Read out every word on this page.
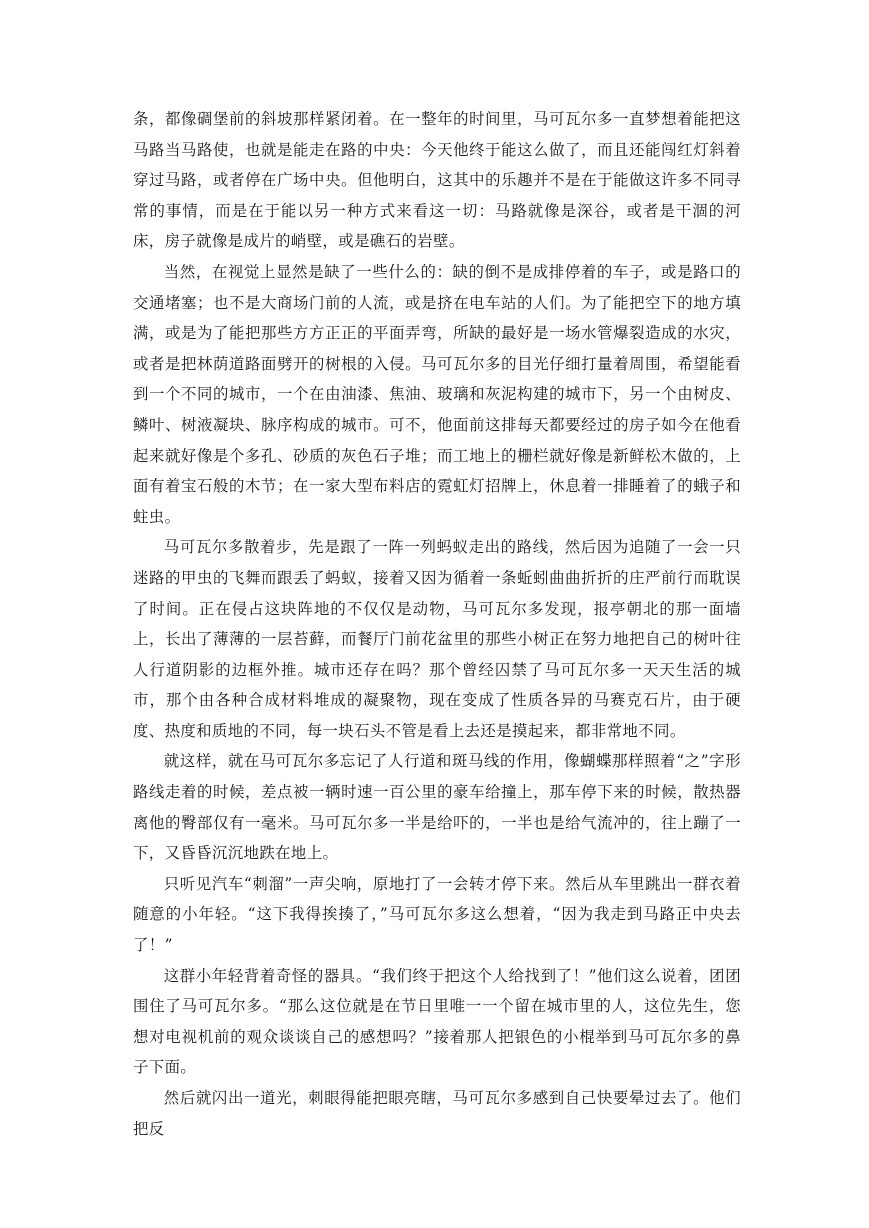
条，都像碉堡前的斜坡那样紧闭着。在一整年的时间里，马可瓦尔多一直梦想着能把这马路当马路使，也就是能走在路的中央：今天他终于能这么做了，而且还能闯红灯斜着穿过马路，或者停在广场中央。但他明白，这其中的乐趣并不是在于能做这许多不同寻常的事情，而是在于能以另一种方式来看这一切：马路就像是深谷，或者是干涸的河床，房子就像是成片的峭壁，或是礁石的岩壁。

当然，在视觉上显然是缺了一些什么的：缺的倒不是成排停着的车子，或是路口的交通堵塞；也不是大商场门前的人流，或是挤在电车站的人们。为了能把空下的地方填满，或是为了能把那些方方正正的平面弄弯，所缺的最好是一场水管爆裂造成的水灾，或者是把林荫道路面劈开的树根的入侵。马可瓦尔多的目光仔细打量着周围，希望能看到一个不同的城市，一个在由油漆、焦油、玻璃和灰泥构建的城市下，另一个由树皮、鳞叶、树液凝块、脉序构成的城市。可不，他面前这排每天都要经过的房子如今在他看起来就好像是个多孔、砂质的灰色石子堆；而工地上的栅栏就好像是新鲜松木做的，上面有着宝石般的木节；在一家大型布料店的霓虹灯招牌上，休息着一排睡着了的蛾子和蛀虫。

马可瓦尔多散着步，先是跟了一阵一列蚂蚁走出的路线，然后因为追随了一会一只迷路的甲虫的飞舞而跟丢了蚂蚁，接着又因为循着一条蚯蚓曲曲折折的庄严前行而耽误了时间。正在侵占这块阵地的不仅仅是动物，马可瓦尔多发现，报亭朝北的那一面墙上，长出了薄薄的一层苔藓，而餐厅门前花盆里的那些小树正在努力地把自己的树叶往人行道阴影的边框外推。城市还存在吗？那个曾经囚禁了马可瓦尔多一天天生活的城市，那个由各种合成材料堆成的凝聚物，现在变成了性质各异的马赛克石片，由于硬度、热度和质地的不同，每一块石头不管是看上去还是摸起来，都非常地不同。

就这样，就在马可瓦尔多忘记了人行道和斑马线的作用，像蝴蝶那样照着“之”字形路线走着的时候，差点被一辆时速一百公里的豪车给撞上，那车停下来的时候，散热器离他的臀部仅有一毫米。马可瓦尔多一半是给吓的，一半也是给气流冲的，往上蹦了一下，又昏昏沉沉地跌在地上。

只听见汽车“刺溜”一声尖响，原地打了一会转才停下来。然后从车里跳出一群衣着随意的小年轻。“这下我得挨揍了，”马可瓦尔多这么想着，“因为我走到马路正中央去了！”

这群小年轻背着奇怪的器具。“我们终于把这个人给找到了！”他们这么说着，团团围住了马可瓦尔多。“那么这位就是在节日里唯一一个留在城市里的人，这位先生，您想对电视机前的观众谈谈自己的感想吗？”接着那人把银色的小棍举到马可瓦尔多的鼻子下面。

然后就闪出一道光，刺眼得能把眼亮瞎，马可瓦尔多感到自己快要晕过去了。他们把反
